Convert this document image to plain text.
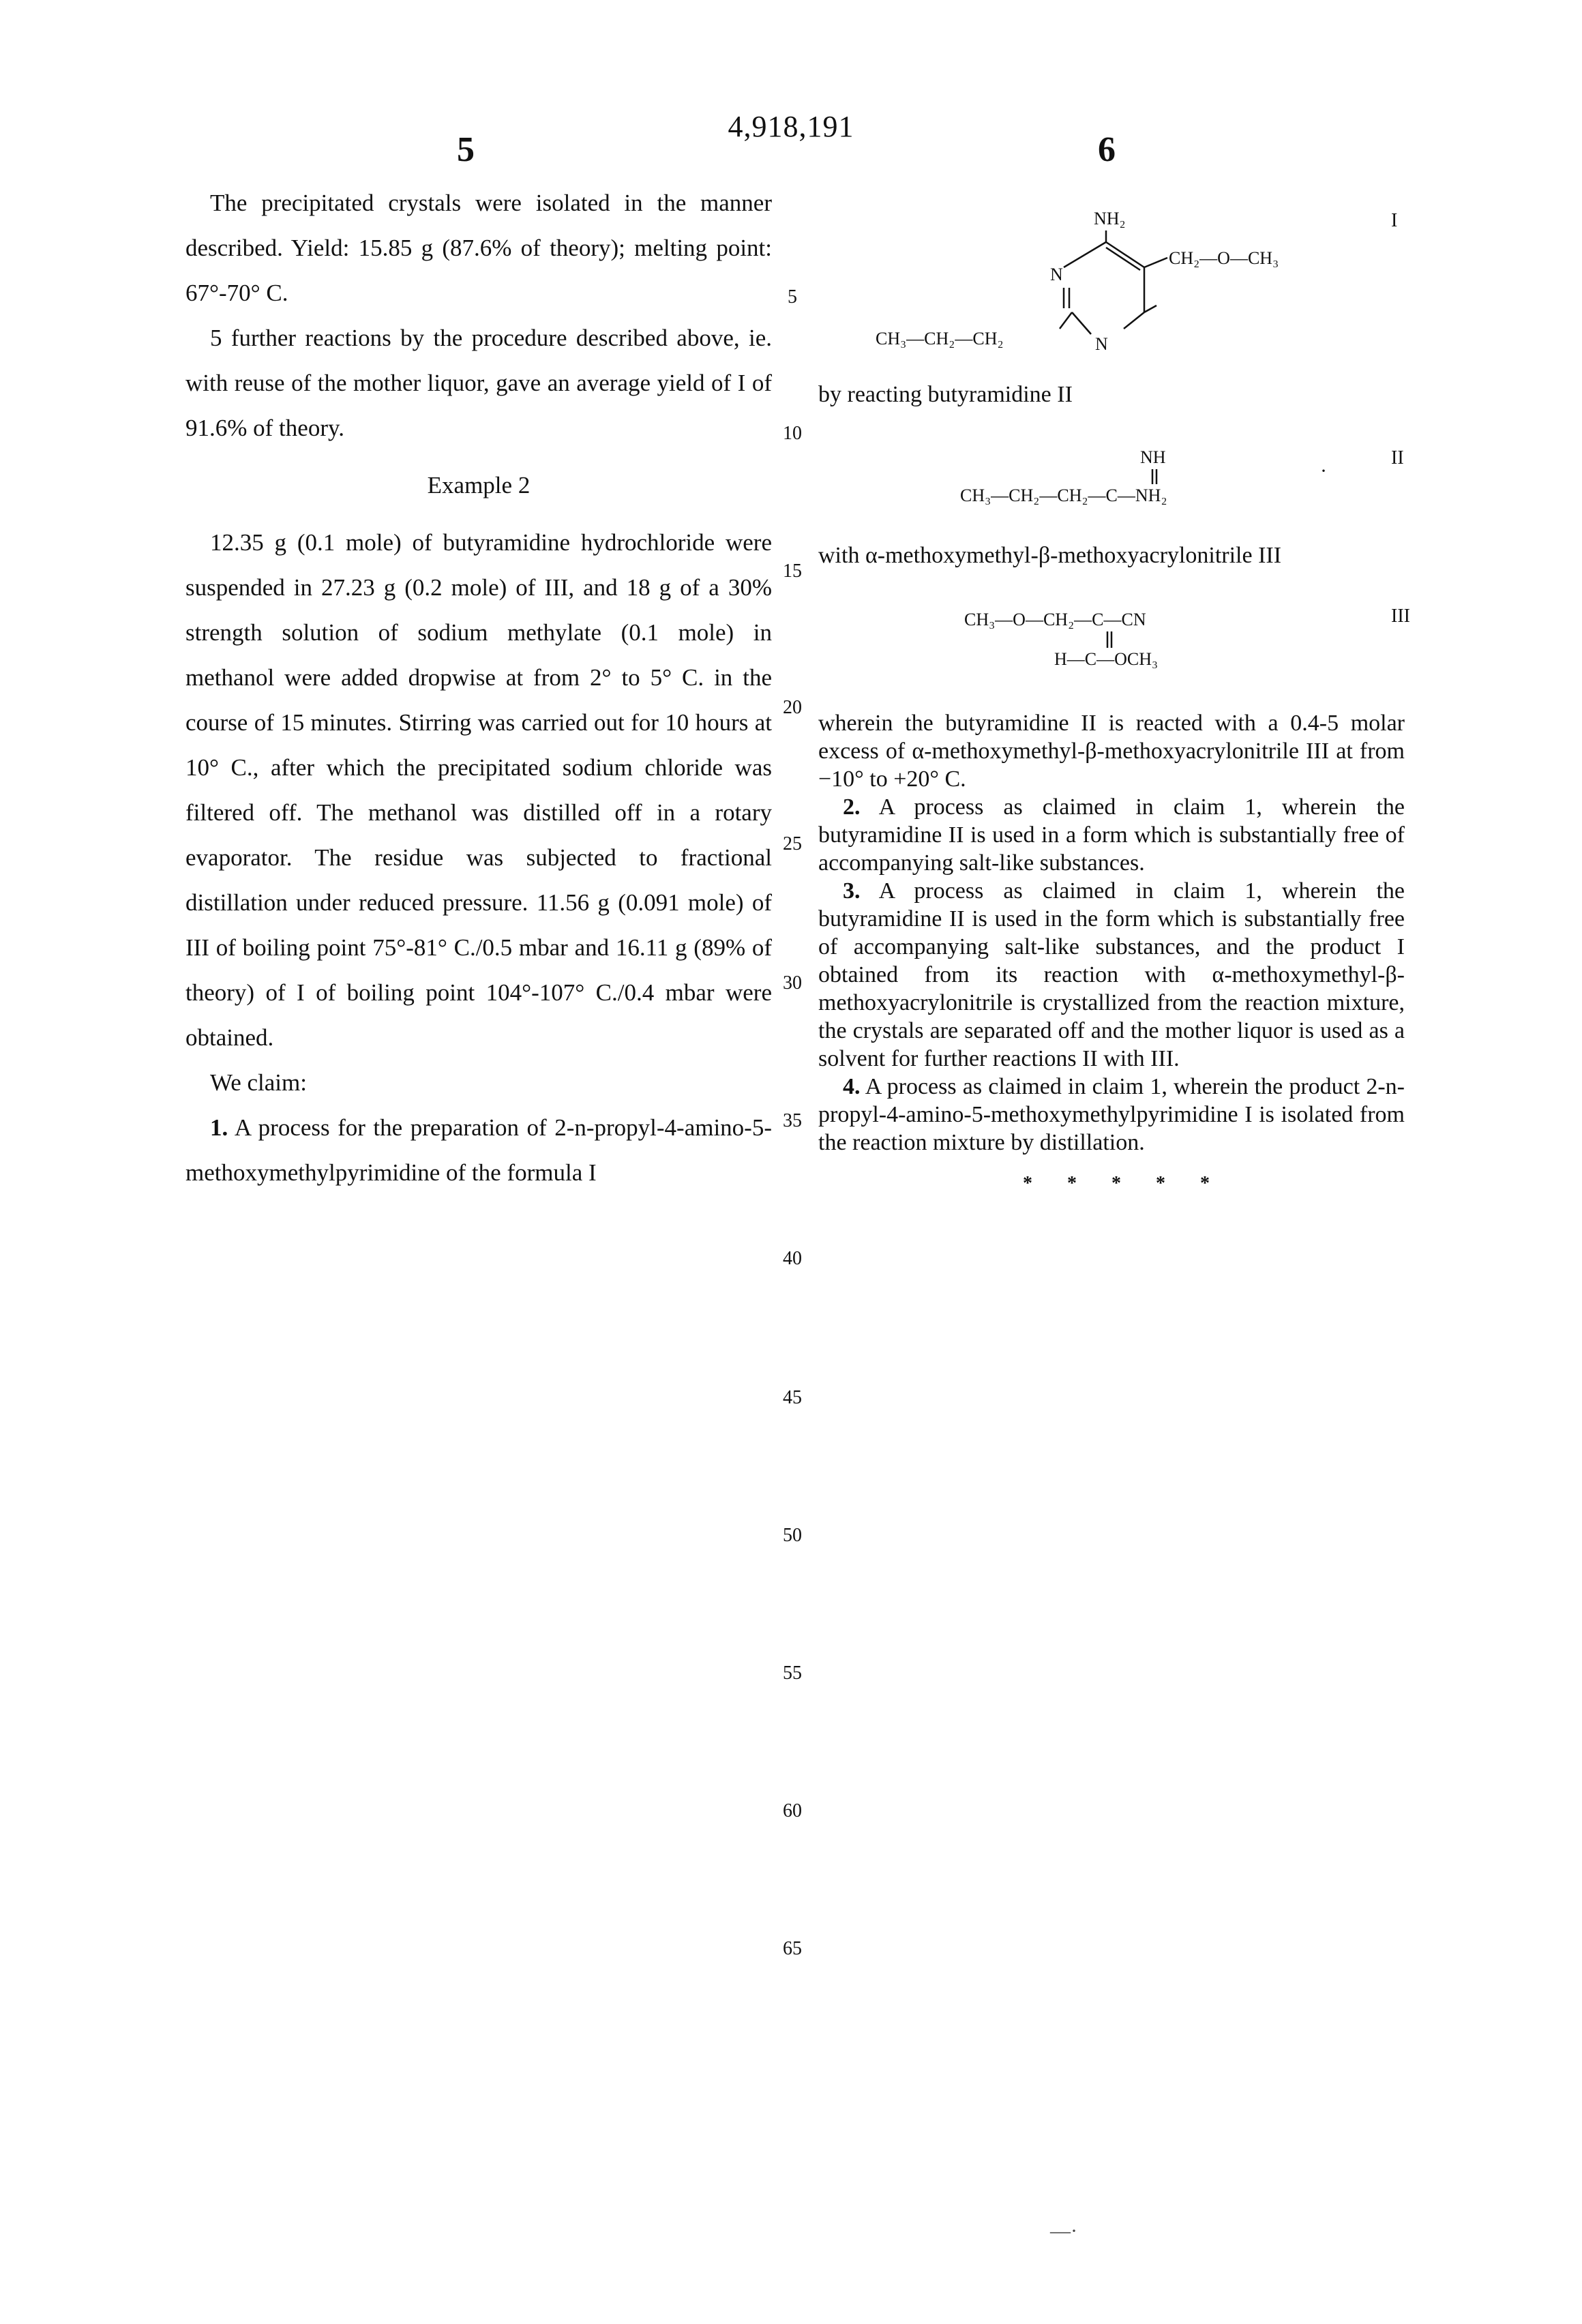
4,918,191
5	6

The precipitated crystals were isolated in the manner described. Yield: 15.85 g (87.6% of theory); melting point: 67°-70° C.

5 further reactions by the procedure described above, ie. with reuse of the mother liquor, gave an average yield of I of 91.6% of theory.

Example 2

12.35 g (0.1 mole) of butyramidine hydrochloride were suspended in 27.23 g (0.2 mole) of III, and 18 g of a 30% strength solution of sodium methylate (0.1 mole) in methanol were added dropwise at from 2° to 5° C. in the course of 15 minutes. Stirring was carried out for 10 hours at 10° C., after which the precipitated sodium chloride was filtered off. The methanol was distilled off in a rotary evaporator. The residue was subjected to fractional distillation under reduced pressure. 11.56 g (0.091 mole) of III of boiling point 75°-81° C./0.5 mbar and 16.11 g (89% of theory) of I of boiling point 104°-107° C./0.4 mbar were obtained.

We claim:

1. A process for the preparation of 2-n-propyl-4-amino-5-methoxymethylpyrimidine of the formula I

5
10
15
20
25
30
35
40
45
50
55
60
65
I
NH₂
N
CH₂—O—CH₃
CH₃—CH₂—CH₂	N
by reacting butyramidine II
II
·
NH
CH₃—CH₂—CH₂—C—NH₂
with α-methoxymethyl-β-methoxyacrylonitrile III
III
CH₃—O—CH₂—C—CN
H—C—OCH₃

wherein the butyramidine II is reacted with a 0.4-5 molar excess of α-methoxymethyl-β-methoxyacrylonitrile III at from −10° to +20° C.

2. A process as claimed in claim 1, wherein the butyramidine II is used in a form which is substantially free of accompanying salt-like substances.

3. A process as claimed in claim 1, wherein the butyramidine II is used in the form which is substantially free of accompanying salt-like substances, and the product I obtained from its reaction with α-methoxymethyl-β-methoxyacrylonitrile is crystallized from the reaction mixture, the crystals are separated off and the mother liquor is used as a solvent for further reactions II with III.

4. A process as claimed in claim 1, wherein the product 2-n-propyl-4-amino-5-methoxymethylpyrimidine I is isolated from the reaction mixture by distillation.

* * * * *
—·
